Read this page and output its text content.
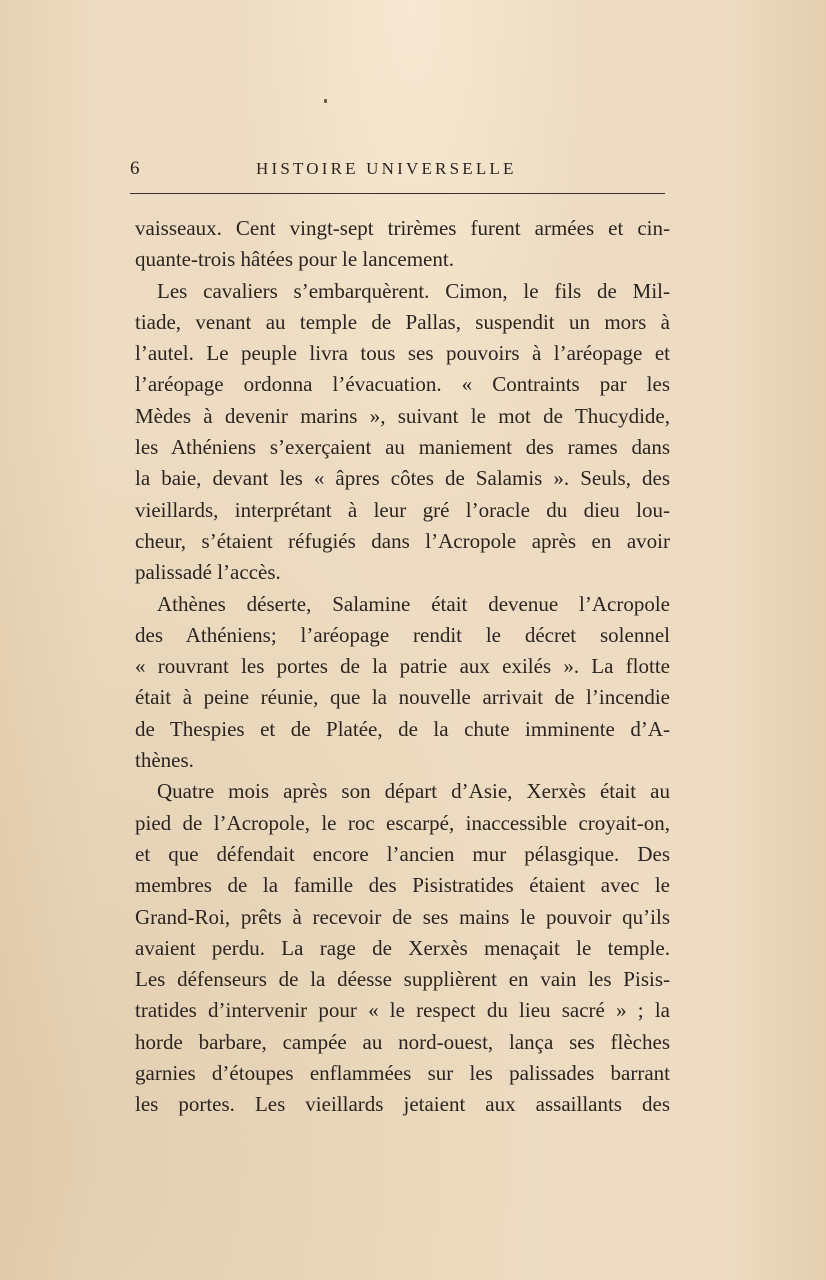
6	HISTOIRE UNIVERSELLE

vaisseaux. Cent vingt-sept trirèmes furent armées et cin-
quante-trois hâtées pour le lancement.

Les cavaliers s’embarquèrent. Cimon, le fils de Mil-
tiade, venant au temple de Pallas, suspendit un mors à
l’autel. Le peuple livra tous ses pouvoirs à l’aréopage et
l’aréopage ordonna l’évacuation. « Contraints par les
Mèdes à devenir marins », suivant le mot de Thucydide,
les Athéniens s’exerçaient au maniement des rames dans
la baie, devant les « âpres côtes de Salamis ». Seuls, des
vieillards, interprétant à leur gré l’oracle du dieu lou-
cheur, s’étaient réfugiés dans l’Acropole après en avoir
palissadé l’accès.

Athènes déserte, Salamine était devenue l’Acropole
des Athéniens; l’aréopage rendit le décret solennel
« rouvrant les portes de la patrie aux exilés ». La flotte
était à peine réunie, que la nouvelle arrivait de l’incendie
de Thespies et de Platée, de la chute imminente d’A-
thènes.

Quatre mois après son départ d’Asie, Xerxès était au
pied de l’Acropole, le roc escarpé, inaccessible croyait-on,
et que défendait encore l’ancien mur pélasgique. Des
membres de la famille des Pisistratides étaient avec le
Grand-Roi, prêts à recevoir de ses mains le pouvoir qu’ils
avaient perdu. La rage de Xerxès menaçait le temple.
Les défenseurs de la déesse supplièrent en vain les Pisis-
tratides d’intervenir pour « le respect du lieu sacré » ; la
horde barbare, campée au nord-ouest, lança ses flèches
garnies d’étoupes enflammées sur les palissades barrant
les portes. Les vieillards jetaient aux assaillants des
